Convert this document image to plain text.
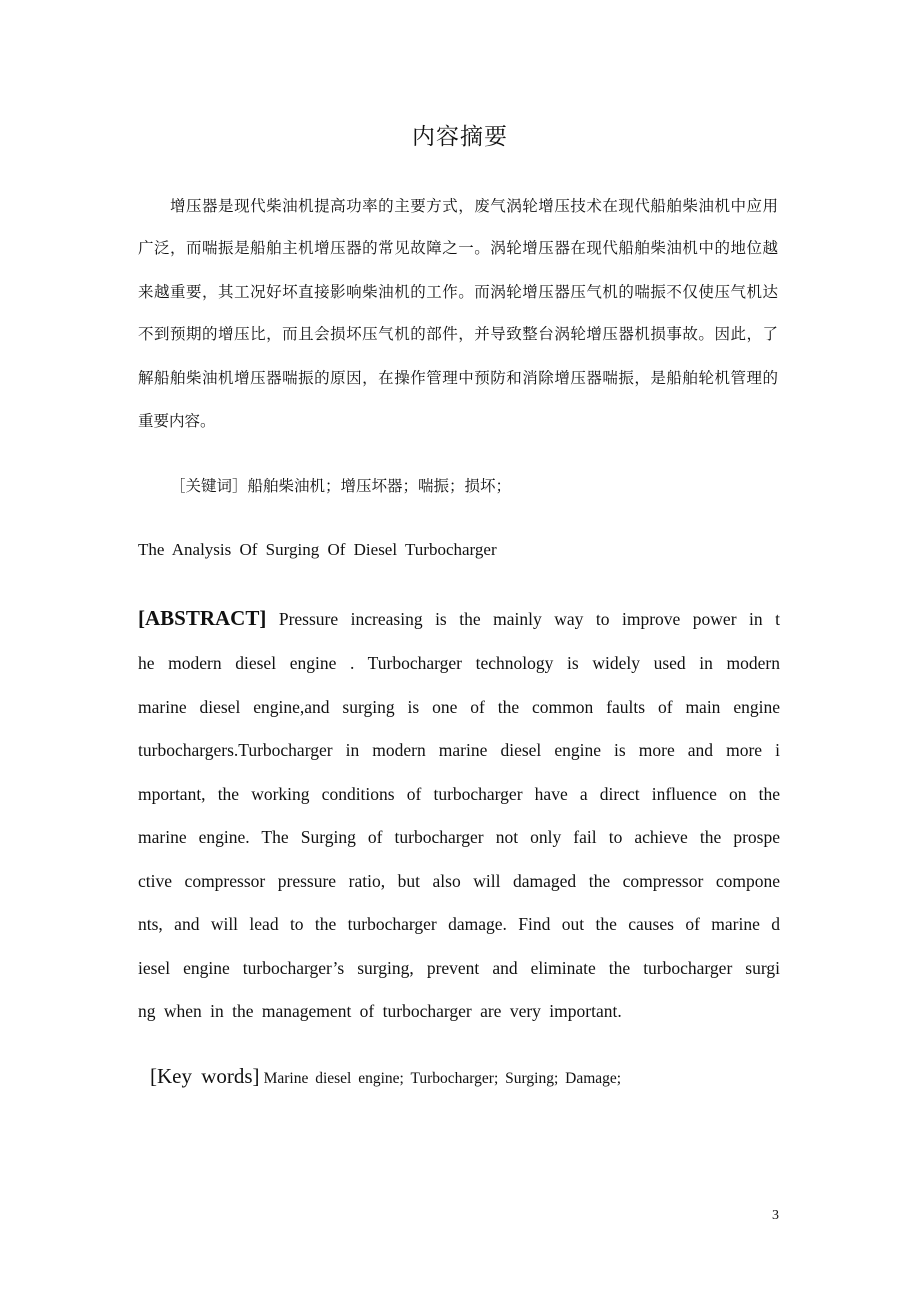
内容摘要
　　增压器是现代柴油机提高功率的主要方式，废气涡轮增压技术在现代船舶柴油机中应用
广泛，而喘振是船舶主机增压器的常见故障之一。涡轮增压器在现代船舶柴油机中的地位越
来越重要，其工况好坏直接影响柴油机的工作。而涡轮增压器压气机的喘振不仅使压气机达
不到预期的增压比，而且会损坏压气机的部件，并导致整台涡轮增压器机损事故。因此，了
解船舶柴油机增压器喘振的原因，在操作管理中预防和消除增压器喘振，是船舶轮机管理的
重要内容。
［关键词］船舶柴油机；增压坏器；喘振；损坏；
The Analysis Of Surging Of Diesel Turbocharger
[ABSTRACT] Pressure increasing is the mainly way to improve power in t
he modern diesel engine . Turbocharger technology is widely used in modern
marine diesel engine,and surging is one of the common faults of main engine
turbochargers.Turbocharger in modern marine diesel engine is more and more i
mportant, the working conditions of turbocharger have a direct influence on the
marine engine. The Surging of turbocharger not only fail to achieve the prospe
ctive compressor pressure ratio, but also will damaged the compressor compone
nts, and will lead to the turbocharger damage. Find out the causes of marine d
iesel engine turbocharger’s surging, prevent and eliminate the turbocharger surgi
ng when in the management of turbocharger are very important.
[Key words] Marine diesel engine; Turbocharger; Surging; Damage;
3
